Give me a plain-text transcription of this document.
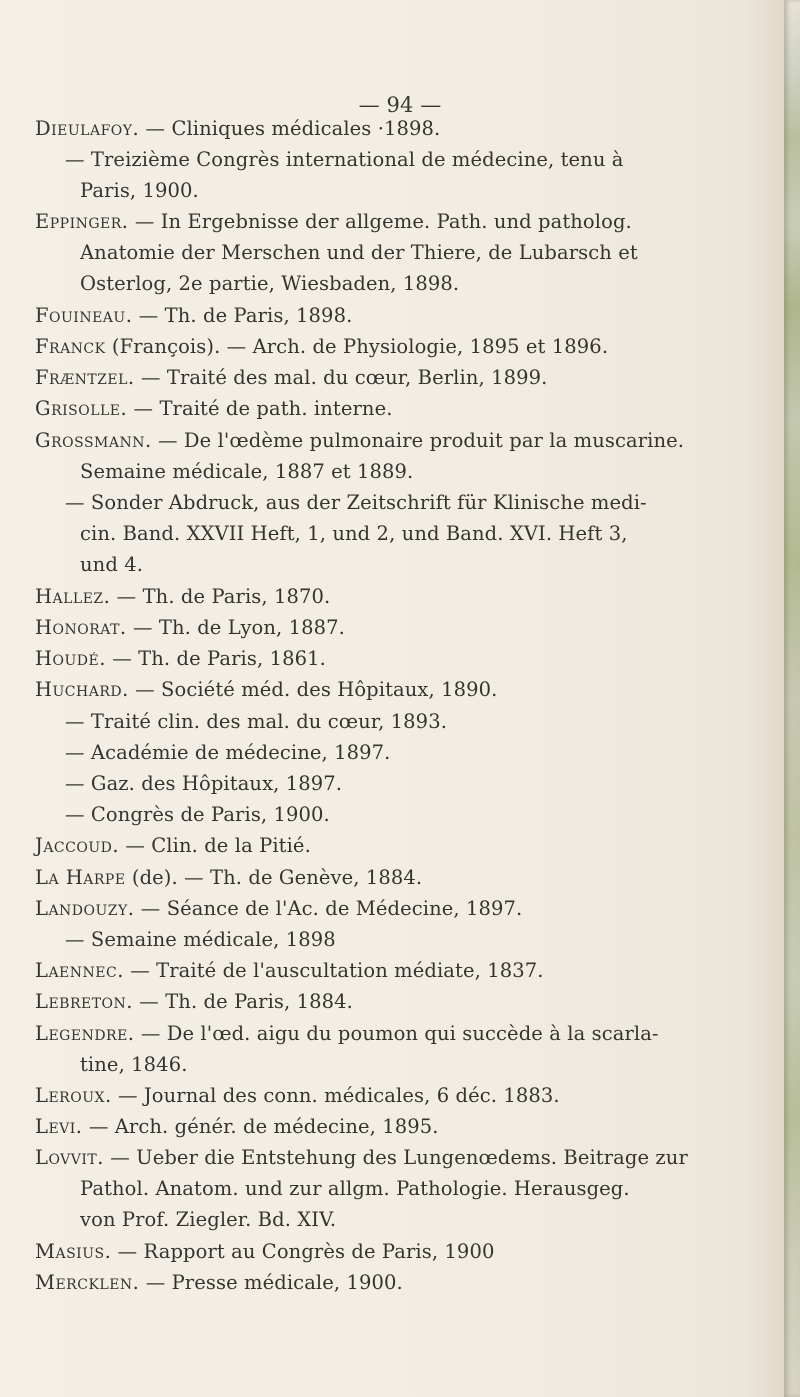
— 94 —
Dieulafoy. — Cliniques médicales ·1898.
— Treizième Congrès international de médecine, tenu à
Paris, 1900.
Eppinger. — In Ergebnisse der allgeme. Path. und patholog.
Anatomie der Merschen und der Thiere, de Lubarsch et
Osterlog, 2e partie, Wiesbaden, 1898.
Fouineau. — Th. de Paris, 1898.
Franck (François). — Arch. de Physiologie, 1895 et 1896.
Fræntzel. — Traité des mal. du cœur, Berlin, 1899.
Grisolle. — Traité de path. interne.
Grossmann. — De l'œdème pulmonaire produit par la muscarine.
Semaine médicale, 1887 et 1889.
— Sonder Abdruck, aus der Zeitschrift für Klinische medi-
cin. Band. XXVII Heft, 1, und 2, und Band. XVI. Heft 3,
und 4.
Hallez. — Th. de Paris, 1870.
Honorat. — Th. de Lyon, 1887.
Houdé. — Th. de Paris, 1861.
Huchard. — Société méd. des Hôpitaux, 1890.
— Traité clin. des mal. du cœur, 1893.
— Académie de médecine, 1897.
— Gaz. des Hôpitaux, 1897.
— Congrès de Paris, 1900.
Jaccoud. — Clin. de la Pitié.
La Harpe (de). — Th. de Genève, 1884.
Landouzy. — Séance de l'Ac. de Médecine, 1897.
— Semaine médicale, 1898
Laennec. — Traité de l'auscultation médiate, 1837.
Lebreton. — Th. de Paris, 1884.
Legendre. — De l'œd. aigu du poumon qui succède à la scarla-
tine, 1846.
Leroux. — Journal des conn. médicales, 6 déc. 1883.
Levi. — Arch. génér. de médecine, 1895.
Lovvit. — Ueber die Entstehung des Lungenœdems. Beitrage zur
Pathol. Anatom. und zur allgm. Pathologie. Herausgeg.
von Prof. Ziegler. Bd. XIV.
Masius. — Rapport au Congrès de Paris, 1900
Mercklen. — Presse médicale, 1900.
